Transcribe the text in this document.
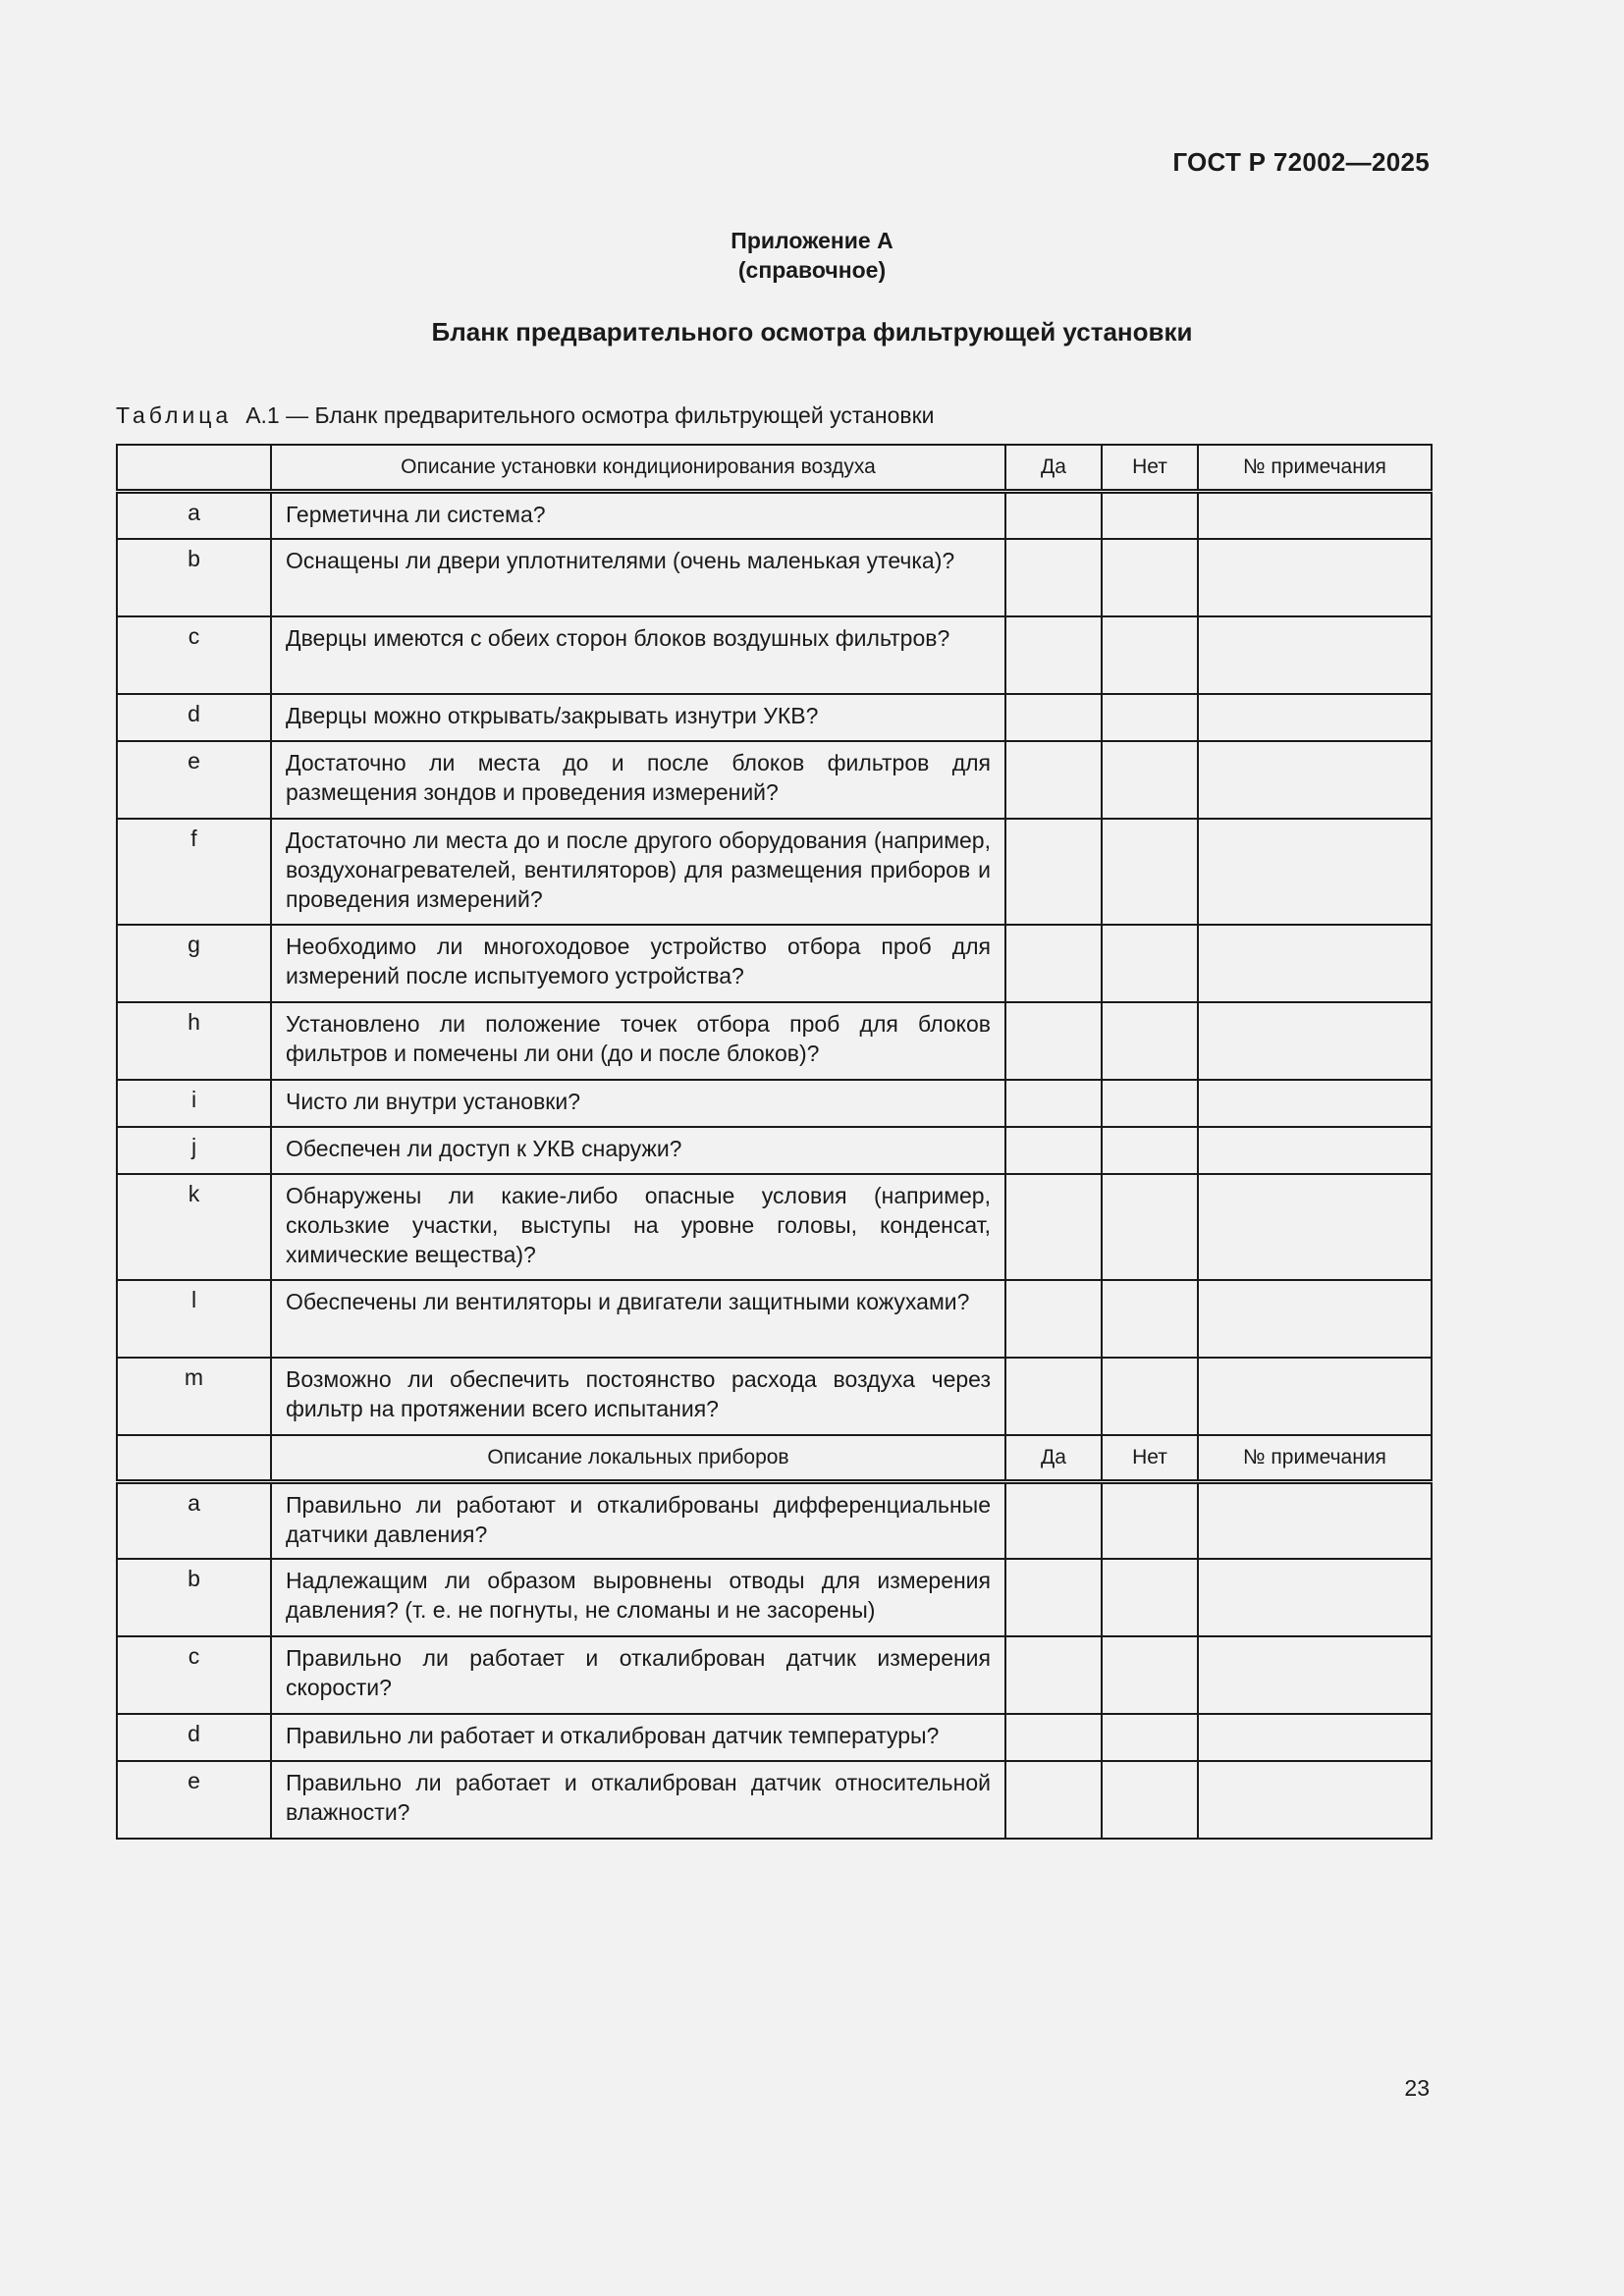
ГОСТ Р 72002—2025
Приложение А
(справочное)
Бланк предварительного осмотра фильтрующей установки
Таблица А.1 — Бланк предварительного осмотра фильтрующей установки
	Описание установки кондиционирования воздуха	Да	Нет	№ примечания
a	Герметична ли система?			
b	Оснащены ли двери уплотнителями (очень маленькая утечка)?			
c	Дверцы имеются с обеих сторон блоков воздушных фильтров?			
d	Дверцы можно открывать/закрывать изнутри УКВ?			
e	Достаточно ли места до и после блоков фильтров для размещения зондов и проведения измерений?			
f	Достаточно ли места до и после другого оборудования (например, воздухонагревателей, вентиляторов) для размещения приборов и проведения измерений?			
g	Необходимо ли многоходовое устройство отбора проб для измерений после испытуемого устройства?			
h	Установлено ли положение точек отбора проб для блоков фильтров и помечены ли они (до и после блоков)?			
i	Чисто ли внутри установки?			
j	Обеспечен ли доступ к УКВ снаружи?			
k	Обнаружены ли какие-либо опасные условия (например, скользкие участки, выступы на уровне головы, конденсат, химические вещества)?			
l	Обеспечены ли вентиляторы и двигатели защитными кожухами?			
m	Возможно ли обеспечить постоянство расхода воздуха через фильтр на протяжении всего испытания?			
	Описание локальных приборов	Да	Нет	№ примечания
a	Правильно ли работают и откалиброваны дифференциальные датчики давления?			
b	Надлежащим ли образом выровнены отводы для измерения давления? (т. е. не погнуты, не сломаны и не засорены)			
c	Правильно ли работает и откалиброван датчик измерения скорости?			
d	Правильно ли работает и откалиброван датчик температуры?			
e	Правильно ли работает и откалиброван датчик относительной влажности?			
23
